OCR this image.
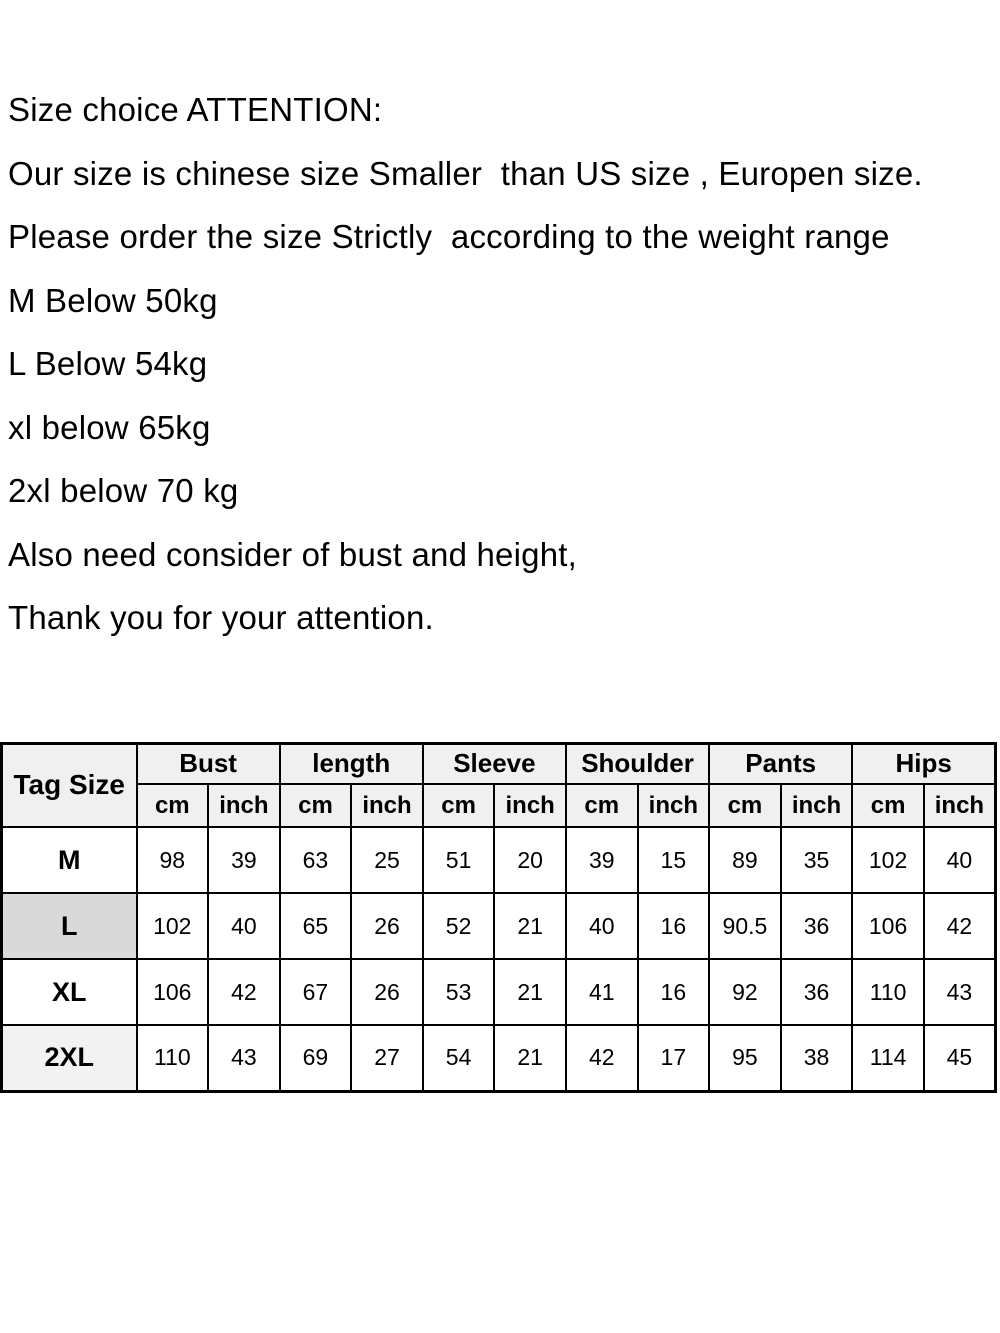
Size choice ATTENTION:

Our size is chinese size Smaller  than US size , Europen size.

Please order the size Strictly  according to the weight range

M Below 50kg

L Below 54kg

xl below 65kg

2xl below 70 kg

Also need consider of bust and height,

Thank you for your attention.

Tag Size	Bust		length		Sleeve		Shoulder		Pants		Hips	
	cm	inch	cm	inch	cm	inch	cm	inch	cm	inch	cm	inch
M	98	39	63	25	51	20	39	15	89	35	102	40
L	102	40	65	26	52	21	40	16	90.5	36	106	42
XL	106	42	67	26	53	21	41	16	92	36	110	43
2XL	110	43	69	27	54	21	42	17	95	38	114	45
